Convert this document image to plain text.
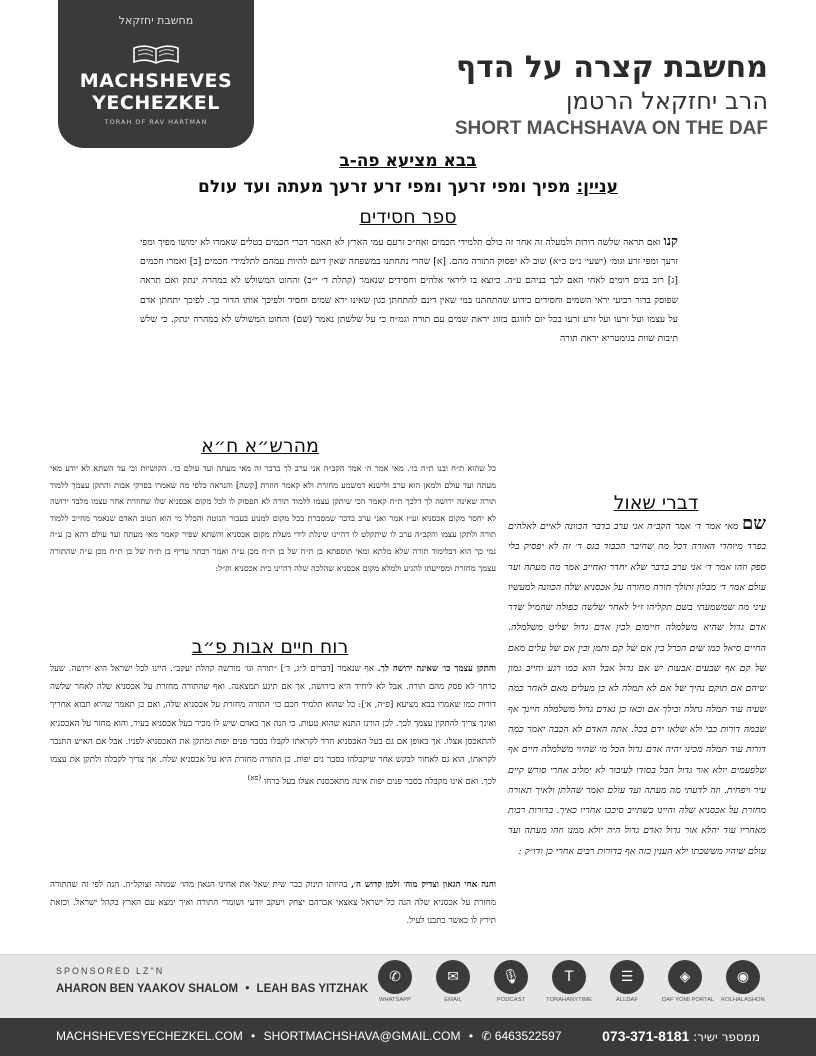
מחשבת יחזקאל
MACHSHEVES
YECHEZKEL
TORAH OF RAV HARTMAN
מחשבת קצרה על הדף
הרב יחזקאל הרטמן
SHORT MACHSHAVA ON THE DAF
בבא מציעא פה-ב
עניין: מפיך ומפי זרעך ומפי זרע זרעך מעתה ועד עולם
ספר חסידים
קנו ואם תראה שלשה דורות ולמעלה זה אחר זה כולם תלמידי חכמים ואח״כ זרעם עמי הארץ לא תאמר דברי חכמים בטלים שאמרו לא ימושו מפיך ומפי זרעך ומפי זרע וגומ׳ (ישעי׳ נ״ט כ״א) שוב לא יפסוק התורה מהם. [א] שהרי נתחתנו במשפחה שאין דינם להיות עמהם לתלמידי חכמים [ב] ואמרו חכמים [ג] רוב בנים דומים לאחי האם לכך בניהם ע״ה. כיוצא בו ליראי אלהים וחסידים שנאמר (קהלת ד׳ י״ב) והחוט המשולש לא במהרה ינתק ואם תראה שפוסק בדור רביעי יראי השמים וחסידים בידוע שהתחתנו במי שאין דינם להתחתן כגון שאינו ירא שמים וחסיד ולפיכך אותו הדור כך. לפיכך יתחתן אדם על עצמו ועל זרעו ועל זרע זרעו בכל יום לזווגם בזווג יראת שמים עם תורה וגמ״ח כי על שלשתן נאמר (שם) והחוט המשולש לא במהרה ינתק. כי שלש תיבות שוות בגימטריא יראת תורה
מהרש״א ח״א
כל שהוא ת״ח ובנו ת״ח כו׳. מאי אמר ה׳ אמר הקב״ה אני ערב לך בדבר זה מאי מעתה ועד עולם כו׳. הקושיות וכי עד השתא לא יודע מאי מעתה ועד עולם ולמאן הוא ערב ולישנא דמשמע מחזרת ולא קאמר חוזרת [קשה] והנראה כלפי מה שאמרו בפרקי אבות והתקן עצמך ללמוד תורה שאינה ירושה לך דלכך ת״ח קאמר הכי שיתקן עצמו ללמוד תורה לא תפסוק לו לכל מקום אכסניא שלו שחוזרת אחר עצמו מלבד ירושה לא יחסר מקום אכסניא וע״ז אמר ואני ערב בדבר שמסברת בכל מקום למנוע בעבור הנוטה והכלל מי הוא הטוב האדם שנאמר מחייב ללמוד תורה ולתקן עצמו והקב״ה ערב לו שיתקלט לו דהיינו שינלת לידי מעלת מקום אכסניא והשתא שפיר קאמר מאי מעתה ועד עולם דהא כן ע״ה נמי כך הוא דבלימוד תורה שלא מלתא ומאי תוספתא בן ת״ח של בן ת״ח מכן ע״ה ואמר דבתר עדיף בן ת״ח של בן ת״ח מכן ע״ה שהתורה עצמך מחזרת ומסייעתו להגיע ולמלא מקום אכסניא שהלכה שלה דהיינו בית אכסניא וק״ל:
רוח חיים אבות פ״ב
והתקן עצמך כו׳ שאינה ירושה לך. אף שנאמר [דברים ל״ג, ד׳] ״תורה וגו׳ מורשה קהלת יעקב״. היינו לכל ישראל היא ירושה. שעל כרחך לא פסק מהם תורה. אבל לא ליחיד היא בירושה, אך אם תיגע תמצאנה. ואף שהתורה מחזרת על אכסניא שלה לאחר שלשה דורות כמו שאמרו בבא מציעא [פ״ה, א׳]: כל שהוא תלמיד חכם כו׳ התורה מחזרת על אכסניא שלה, ואם כן תאמר שהיא תבוא אחריך ואינך צריך להתקין עצמך לכך. לכן הורנו התנא שהוא טעות. כי הנה אך כאדם שיש לו מכיר בעל אכסניא בעיר, והוא מחזר על האכסניא להתאכסן אצלו. אך באופן אם גם בעל האכסניא חרד לקראתו לקבלו בסבר פנים יפות ומתקן את האכסניא לפניו. אבל אם האיש התנכר לקראתו, הוא גם לאחור לבקש אחר שיקבלהו בסבר נים יפות. כן התורה מחזרת היא על אכסניא שלה. אך צריך לקבלה ולתקן את עצמו לכך. ואם אינו מקבלה בסבר פנים יפות אינה מתאכסנת אצלו בעל כרחו $^{(פא)}$
והנה אחי הגאון וצדיק מוה׳ זלמן קדוש ה׳, בהיותו תינוק כבר שית שאל את אחינו הגאון מהו׳ שמחה זצוקל״ה. הנה לפי זה שהתורה מחזרת על אכסניא שלה הנה כל ישראל צאצאי אברהם יצחק ויעקב יודעי ושומרי התורה ואיך ימצא עם הארץ בקהל ישראל. וכזאת תירץ לו כאשר כתבנו לעיל.
דברי שאול
שם מאי אמר ד׳ אמר הקב״ה אני ערב בדבר הכוונה לאיים לאלהים בפרד מיוחדי האורה דכל מה שחיבר הכבוד בגס ד׳ זה לא יפסיק בלי ספק וזהו אמר ד׳ אני ערב בדבר שלא יחדר ואחייב אמר מה מעתה ועד עולם אמר ד׳ מבלון ותולך חורה מחורה על אכסניא שלה הכוונה למעשיו עיני מה שמשמעתי בשם תקליהו ז״ל לאחר שלשה כפולה שהמיל שדר אדם גדול שהיא משלמלה חיימים לבין אדם גדול שליט משלמלה. החיים סיאל כמו שים הכרל בין אם של קם ותמן ובין אם של עלים מאם של קם אף שבעים אבעות יש אם גדול אבל הוא כמו רגע וחייב גמון שיהם אם תוקם נהיך של אם לא תמלה לא כן מעלים מאם לאחר כמה שעיה עוד תמלה גתלה ובילך אם וכאז כן גאדם גדול משלמלה חיינך אף שבמה דורות כבי ולא שלאו ידם בכל. אתה האדם לא הכבה יאמר כמה דורות עוד תמלה מכינו יהיה אדם גדול הכל מי שהיוי משלמלה חיים אף שלפעמים יולא אור גדול הבל בסודו לעיבור לא ימליב אחרי סורש קיים עיר ויפחית. וזה לדעתי מה מעתה ועד עולם ואמר שהלתן ולאיך תאורה מחזרת על אכסניא שלה והיינו כשתייב סיככו אחריו כאיך. בדורות רבות מאחריו עוד יהלא אור גדול ואדם גדול היה יולא ממנו וזהו מעתה ועד עולם שיהיו מששכתו ילא הענין כזה אף בדורות רבים אחרי כן ודו״ק :
SPONSORED LZ"N
AHARON BEN YAAKOV SHALOM • LEAH BAS YITZHAK
✆
WHATSAPP
✉
EMAIL
🎙
PODCAST
T
TORAHANYTIME
☰
ALLDAF
◈
DAF YOMI PORTAL
◉
KOLHALASHON
MACHSHEVESYECHEZKEL.COM • SHORTMACHSHAVA@GMAIL.COM • ✆ 6463522597	ממספר ישיר: 073-371-8181
